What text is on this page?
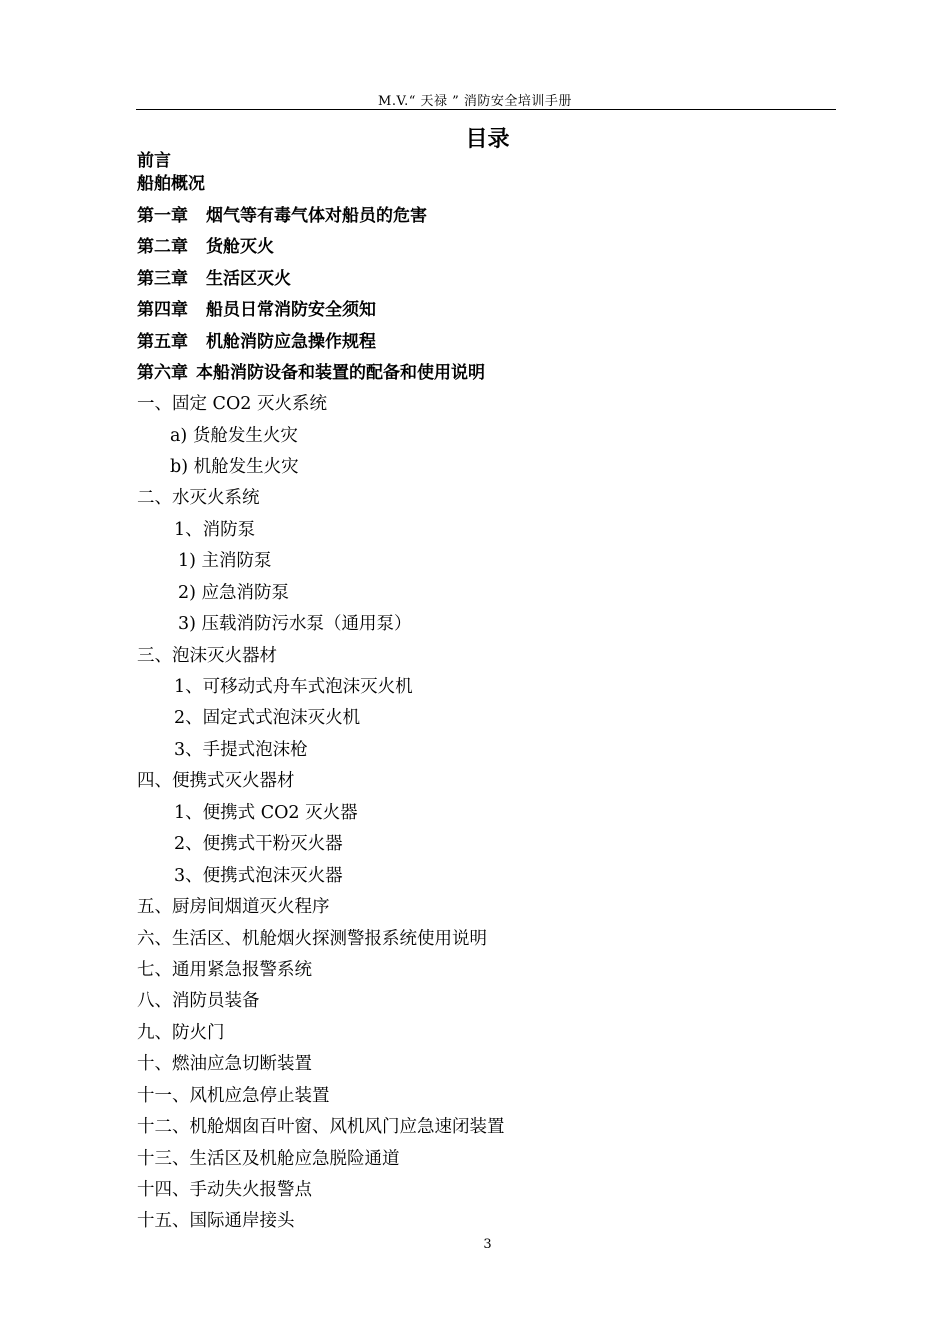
M.V.“ 天禄 ” 消防安全培训手册
目录
前言
船舶概况
第一章 烟气等有毒气体对船员的危害
第二章 货舱灭火
第三章 生活区灭火
第四章 船员日常消防安全须知
第五章 机舱消防应急操作规程
第六章 本船消防设备和装置的配备和使用说明
一、固定 CO2 灭火系统
a) 货舱发生火灾
b) 机舱发生火灾
二、水灭火系统
1、消防泵
1) 主消防泵
2) 应急消防泵
3) 压载消防污水泵（通用泵）
三、泡沫灭火器材
1、可移动式舟车式泡沫灭火机
2、固定式式泡沫灭火机
3、手提式泡沫枪
四、便携式灭火器材
1、便携式 CO2 灭火器
2、便携式干粉灭火器
3、便携式泡沫灭火器
五、厨房间烟道灭火程序
六、生活区、机舱烟火探测警报系统使用说明
七、通用紧急报警系统
八、消防员装备
九、防火门
十、燃油应急切断装置
十一、风机应急停止装置
十二、机舱烟囱百叶窗、风机风门应急速闭装置
十三、生活区及机舱应急脱险通道
十四、手动失火报警点
十五、国际通岸接头
3
